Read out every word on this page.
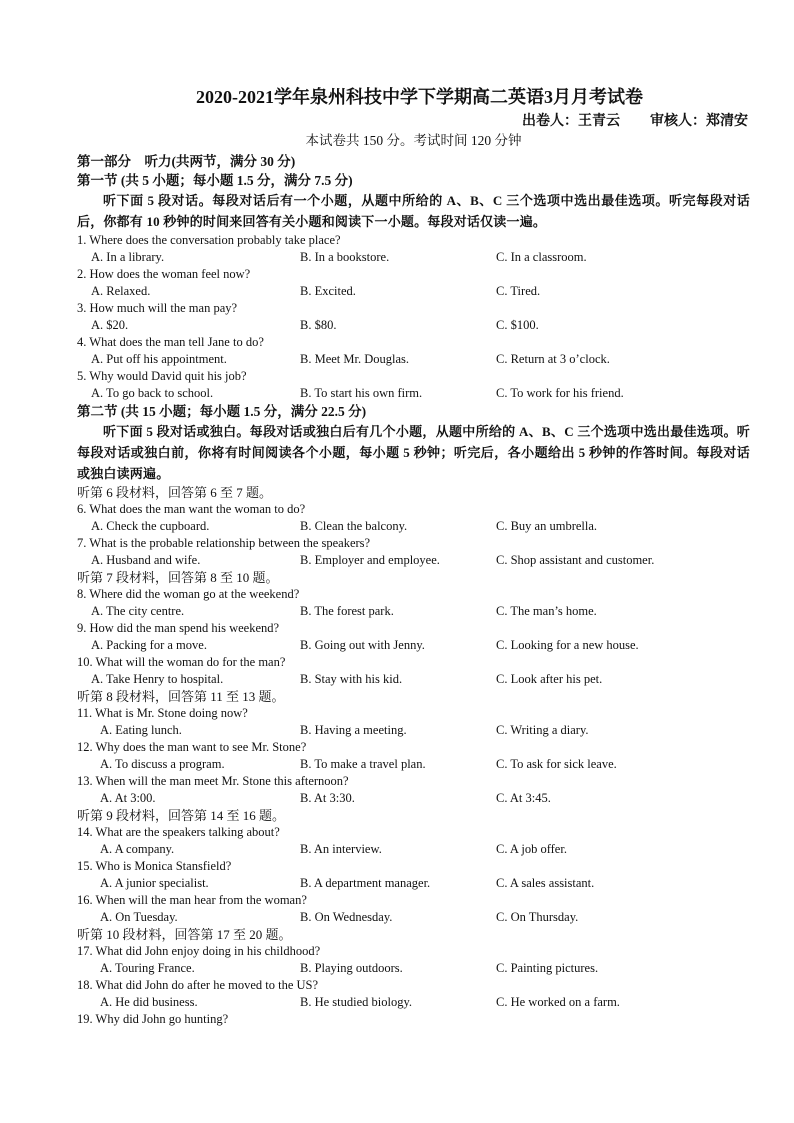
2020-2021学年泉州科技中学下学期高二英语3月月考试卷
出卷人：王青云 审核人：郑清安
本试卷共 150 分。考试时间 120 分钟
第一部分　听力(共两节，满分 30 分)
第一节 (共 5 小题；每小题 1.5 分，满分 7.5 分)
听下面 5 段对话。每段对话后有一个小题，从题中所给的 A、B、C 三个选项中选出最佳选项。听完每段对话后，你都有 10 秒钟的时间来回答有关小题和阅读下一小题。每段对话仅读一遍。
1. Where does the conversation probably take place?
A. In a library.	B. In a bookstore.	C. In a classroom.
2. How does the woman feel now?
A. Relaxed.	B. Excited.	C. Tired.
3. How much will the man pay?
A. $20.	B. $80.	C. $100.
4. What does the man tell Jane to do?
A. Put off his appointment.	B. Meet Mr. Douglas.	C. Return at 3 o’clock.
5. Why would David quit his job?
A. To go back to school.	B. To start his own firm.	C. To work for his friend.
第二节 (共 15 小题；每小题 1.5 分，满分 22.5 分)
听下面 5 段对话或独白。每段对话或独白后有几个小题，从题中所给的 A、B、C 三个选项中选出最佳选项。听每段对话或独白前，你将有时间阅读各个小题，每小题 5 秒钟；听完后，各小题给出 5 秒钟的作答时间。每段对话或独白读两遍。
听第 6 段材料，回答第 6 至 7 题。
6. What does the man want the woman to do?
A. Check the cupboard.	B. Clean the balcony.	C. Buy an umbrella.
7. What is the probable relationship between the speakers?
A. Husband and wife.	B. Employer and employee.	C. Shop assistant and customer.
听第 7 段材料，回答第 8 至 10 题。
8. Where did the woman go at the weekend?
A. The city centre.	B. The forest park.	C. The man’s home.
9. How did the man spend his weekend?
A. Packing for a move.	B. Going out with Jenny.	C. Looking for a new house.
10. What will the woman do for the man?
A. Take Henry to hospital.	B. Stay with his kid.	C. Look after his pet.
听第 8 段材料，回答第 11 至 13 题。
11. What is Mr. Stone doing now?
A. Eating lunch.	B. Having a meeting.	C. Writing a diary.
12. Why does the man want to see Mr. Stone?
A. To discuss a program.	B. To make a travel plan.	C. To ask for sick leave.
13. When will the man meet Mr. Stone this afternoon?
A. At 3:00.	B. At 3:30.	C. At 3:45.
听第 9 段材料，回答第 14 至 16 题。
14. What are the speakers talking about?
A. A company.	B. An interview.	C. A job offer.
15. Who is Monica Stansfield?
A. A junior specialist.	B. A department manager.	C. A sales assistant.
16. When will the man hear from the woman?
A. On Tuesday.	B. On Wednesday.	C. On Thursday.
听第 10 段材料，回答第 17 至 20 题。
17. What did John enjoy doing in his childhood?
A. Touring France.	B. Playing outdoors.	C. Painting pictures.
18. What did John do after he moved to the US?
A. He did business.	B. He studied biology.	C. He worked on a farm.
19. Why did John go hunting?
